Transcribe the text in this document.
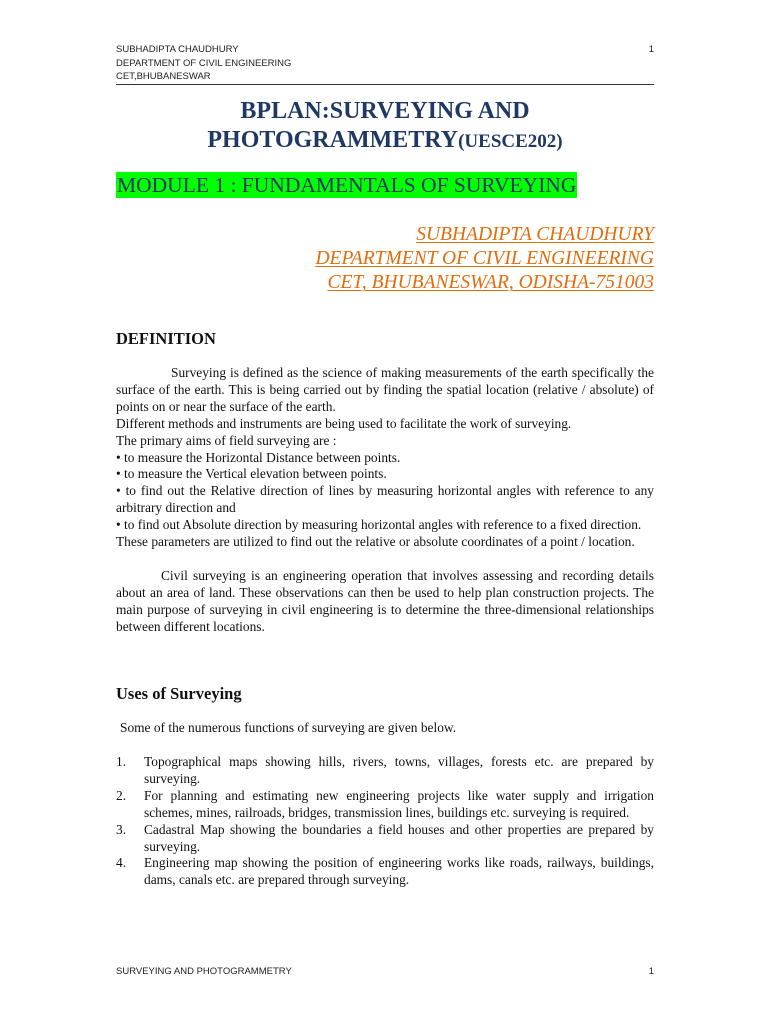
SUBHADIPTA CHAUDHURY
DEPARTMENT OF CIVIL ENGINEERING
CET,BHUBANESWAR
1
BPLAN:SURVEYING AND
PHOTOGRAMMETRY(UESCE202)
MODULE 1 : FUNDAMENTALS OF SURVEYING
SUBHADIPTA CHAUDHURY
DEPARTMENT OF CIVIL ENGINEERING
CET, BHUBANESWAR, ODISHA-751003
DEFINITION

Surveying is defined as the science of making measurements of the earth specifically the surface of the earth. This is being carried out by finding the spatial location (relative / absolute) of points on or near the surface of the earth.

Different methods and instruments are being used to facilitate the work of surveying.

The primary aims of field surveying are :

• to measure the Horizontal Distance between points.

• to measure the Vertical elevation between points.

• to find out the Relative direction of lines by measuring horizontal angles with reference to any arbitrary direction and

• to find out Absolute direction by measuring horizontal angles with reference to a fixed direction.

These parameters are utilized to find out the relative or absolute coordinates of a point / location.

Civil surveying is an engineering operation that involves assessing and recording details about an area of land. These observations can then be used to help plan construction projects. The main purpose of surveying in civil engineering is to determine the three-dimensional relationships between different locations.

Uses of Surveying
Some of the numerous functions of surveying are given below.
1. Topographical maps showing hills, rivers, towns, villages, forests etc. are prepared by surveying.
2. For planning and estimating new engineering projects like water supply and irrigation schemes, mines, railroads, bridges, transmission lines, buildings etc. surveying is required.
3. Cadastral Map showing the boundaries a field houses and other properties are prepared by surveying.
4. Engineering map showing the position of engineering works like roads, railways, buildings, dams, canals etc. are prepared through surveying.
SURVEYING AND PHOTOGRAMMETRY	1
